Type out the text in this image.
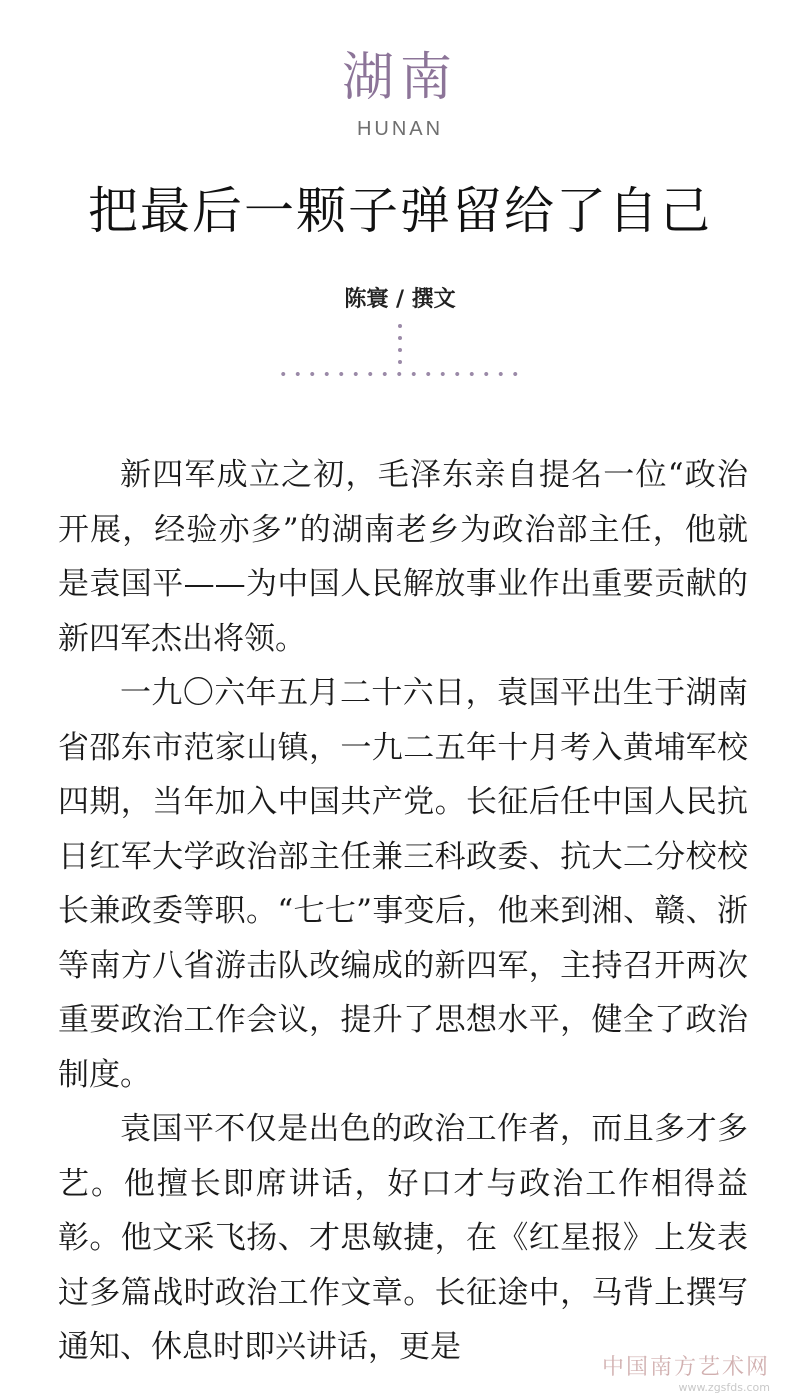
湖南
HUNAN
把最后一颗子弹留给了自己
陈寰 / 撰文

新四军成立之初，毛泽东亲自提名一位“政治开展，经验亦多”的湖南老乡为政治部主任，他就是袁国平——为中国人民解放事业作出重要贡献的新四军杰出将领。

一九〇六年五月二十六日，袁国平出生于湖南省邵东市范家山镇，一九二五年十月考入黄埔军校四期，当年加入中国共产党。长征后任中国人民抗日红军大学政治部主任兼三科政委、抗大二分校校长兼政委等职。“七七”事变后，他来到湘、赣、浙等南方八省游击队改编成的新四军，主持召开两次重要政治工作会议，提升了思想水平，健全了政治制度。

袁国平不仅是出色的政治工作者，而且多才多艺。他擅长即席讲话，好口才与政治工作相得益彰。他文采飞扬、才思敏捷，在《红星报》上发表过多篇战时政治工作文章。长征途中，马背上撰写通知、休息时即兴讲话，更是

中国南方艺术网
www.zgsfds.com
